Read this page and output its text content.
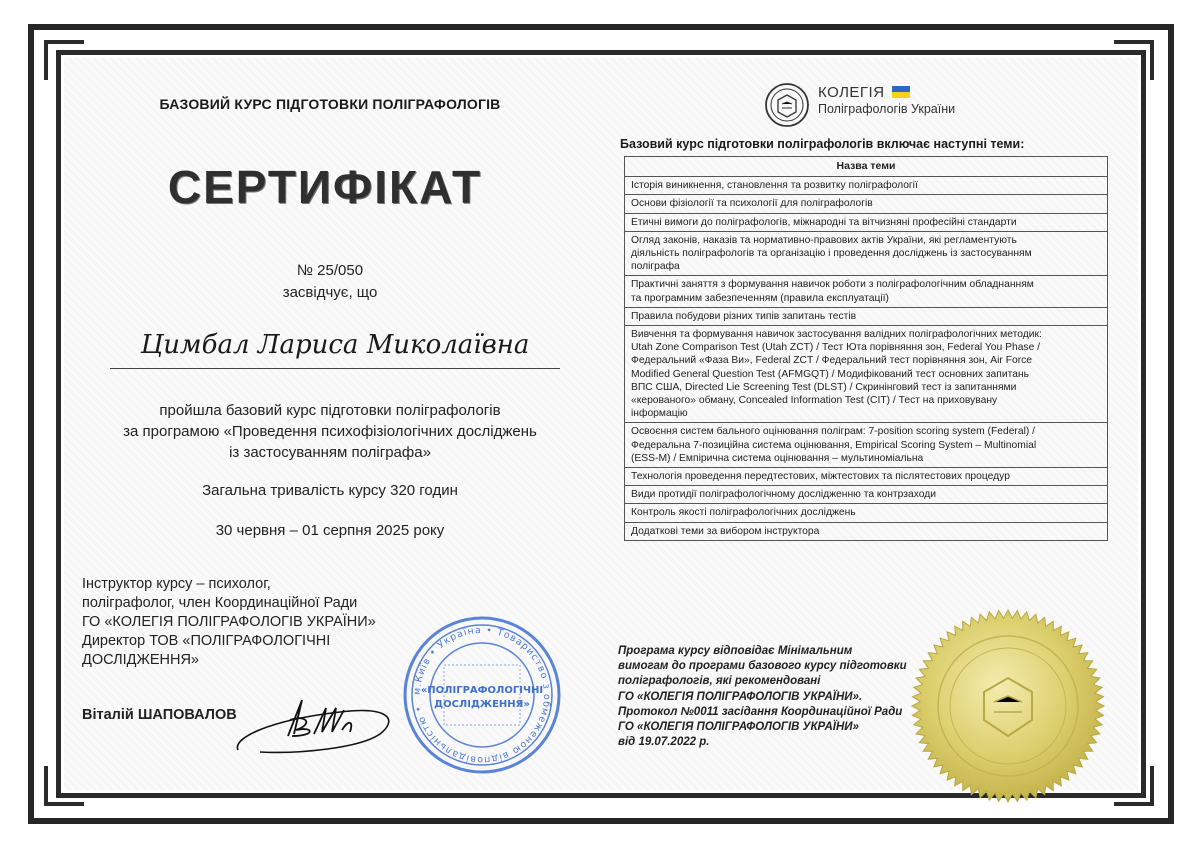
БАЗОВИЙ КУРС ПІДГОТОВКИ ПОЛІГРАФОЛОГІВ
СЕРТИФІКАТ
№ 25/050
засвідчує, що
Цимбал Лариса Миколаївна
пройшла базовий курс підготовки поліграфологів
за програмою «Проведення психофізіологічних досліджень
із застосуванням поліграфа»
Загальна тривалість курсу 320 годин
30 червня – 01 серпня 2025 року
Інструктор курсу – психолог,
поліграфолог, член Координаційної Ради
ГО «КОЛЕГІЯ ПОЛІГРАФОЛОГІВ УКРАЇНИ»
Директор ТОВ «ПОЛІГРАФОЛОГІЧНІ
ДОСЛІДЖЕННЯ»
Віталій ШАПОВАЛОВ
м.Київ • Україна • Товариство з обмеженою відповідальністю •
«ПОЛІГРАФОЛОГІЧНІ
ДОСЛІДЖЕННЯ»
КОЛЕГІЯ
Поліграфологів України
Базовий курс підготовки поліграфологів включає наступні теми:
Назва теми

Історія виникнення, становлення та розвитку поліграфології

Основи фізіології та психології для поліграфологів

Етичні вимоги до поліграфологів, міжнародні та вітчизняні професійні стандарти

Огляд законів, наказів та нормативно-правових актів України, які регламентують
діяльність поліграфологів та організацію і проведення досліджень із застосуванням
поліграфа

Практичні заняття з формування навичок роботи з поліграфологічним обладнанням
та програмним забезпеченням (правила експлуатації)

Правила побудови різних типів запитань тестів

Вивчення та формування навичок застосування валідних поліграфологічних методик:
Utah Zone Comparison Test (Utah ZCT) / Тест Юта порівняння зон, Federal You Phase /
Федеральний «Фаза Ви», Federal ZCT / Федеральний тест порівняння зон, Air Force
Modified General Question Test (AFMGQT) / Модифікований тест основних запитань
ВПС США, Directed Lie Screening Test (DLST) / Скринінговий тест із запитаннями
«керованого» обману, Concealed Information Test (CIT) / Тест на приховувану
інформацію

Освоєння систем бального оцінювання поліграм: 7-position scoring system (Federal) /
Федеральна 7-позиційна система оцінювання, Empirical Scoring System – Multinomial
(ESS-M) / Емпірична система оцінювання – мультиноміальна

Технологія проведення передтестових, міжтестових та післятестових процедур

Види протидії поліграфологічному дослідженню та контрзаходи

Контроль якості поліграфологічних досліджень

Додаткові теми за вибором інструктора
Програма курсу відповідає Мінімальним
вимогам до програми базового курсу підготовки
поліграфологів, які рекомендовані
ГО «КОЛЕГІЯ ПОЛІГРАФОЛОГІВ УКРАЇНИ».
Протокол №0011 засідання Координаційної Ради
ГО «КОЛЕГІЯ ПОЛІГРАФОЛОГІВ УКРАЇНИ»
від 19.07.2022 р.
